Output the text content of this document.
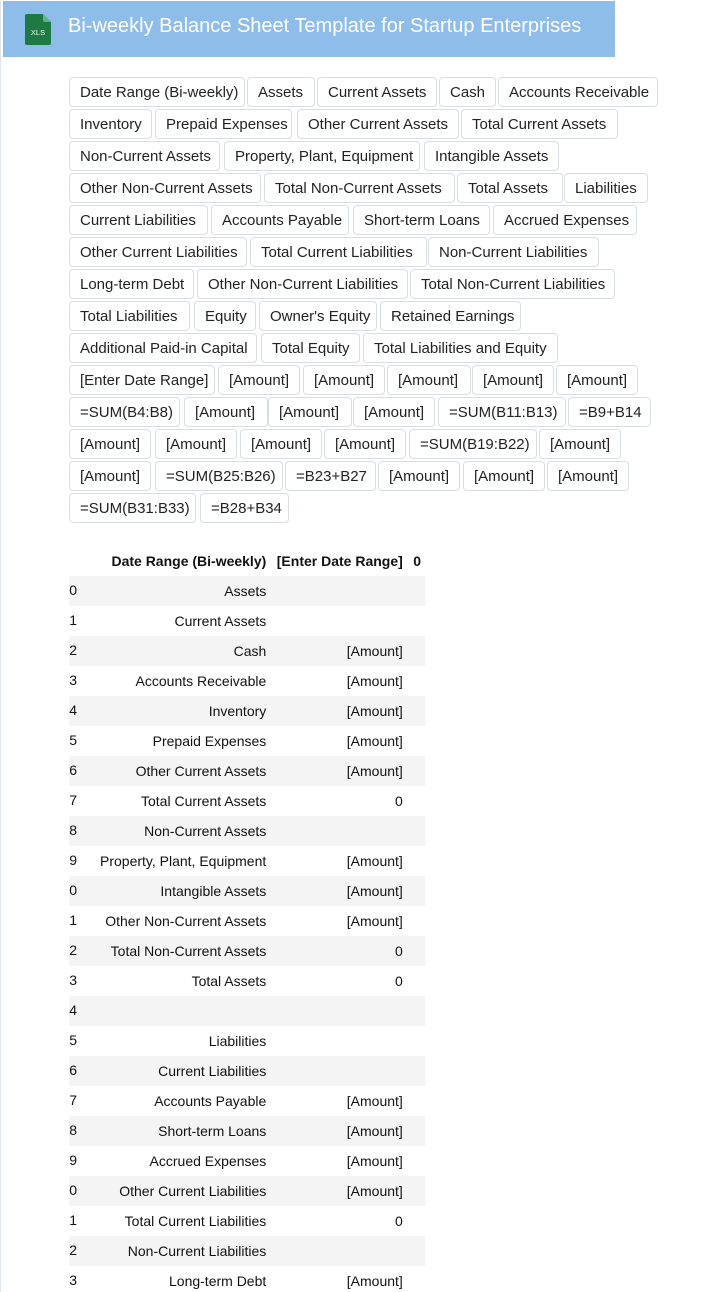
XLS Bi-weekly Balance Sheet Template for Startup Enterprises
Date Range (Bi-weekly)	Assets	Current Assets	Cash	Accounts Receivable
Inventory	Prepaid Expenses	Other Current Assets	Total Current Assets
Non-Current Assets	Property, Plant, Equipment	Intangible Assets
Other Non-Current Assets	Total Non-Current Assets	Total Assets	Liabilities
Current Liabilities	Accounts Payable	Short-term Loans	Accrued Expenses
Other Current Liabilities	Total Current Liabilities	Non-Current Liabilities
Long-term Debt	Other Non-Current Liabilities	Total Non-Current Liabilities
Total Liabilities	Equity	Owner's Equity	Retained Earnings
Additional Paid-in Capital	Total Equity	Total Liabilities and Equity
[Enter Date Range]	[Amount]	[Amount]	[Amount]	[Amount]	[Amount]
=SUM(B4:B8)	[Amount]	[Amount]	[Amount]	=SUM(B11:B13)	=B9+B14
[Amount]	[Amount]	[Amount]	[Amount]	=SUM(B19:B22)	[Amount]
[Amount]	=SUM(B25:B26)	=B23+B27	[Amount]	[Amount]	[Amount]
=SUM(B31:B33)	=B28+B34
	Date Range (Bi-weekly)	[Enter Date Range]	0
0	Assets		
1	Current Assets		
2	Cash	[Amount]	
3	Accounts Receivable	[Amount]	
4	Inventory	[Amount]	
5	Prepaid Expenses	[Amount]	
6	Other Current Assets	[Amount]	
7	Total Current Assets	0	
8	Non-Current Assets		
9	Property, Plant, Equipment	[Amount]	
0	Intangible Assets	[Amount]	
1	Other Non-Current Assets	[Amount]	
2	Total Non-Current Assets	0	
3	Total Assets	0	
4			
5	Liabilities		
6	Current Liabilities		
7	Accounts Payable	[Amount]	
8	Short-term Loans	[Amount]	
9	Accrued Expenses	[Amount]	
0	Other Current Liabilities	[Amount]	
1	Total Current Liabilities	0	
2	Non-Current Liabilities		
3	Long-term Debt	[Amount]	
